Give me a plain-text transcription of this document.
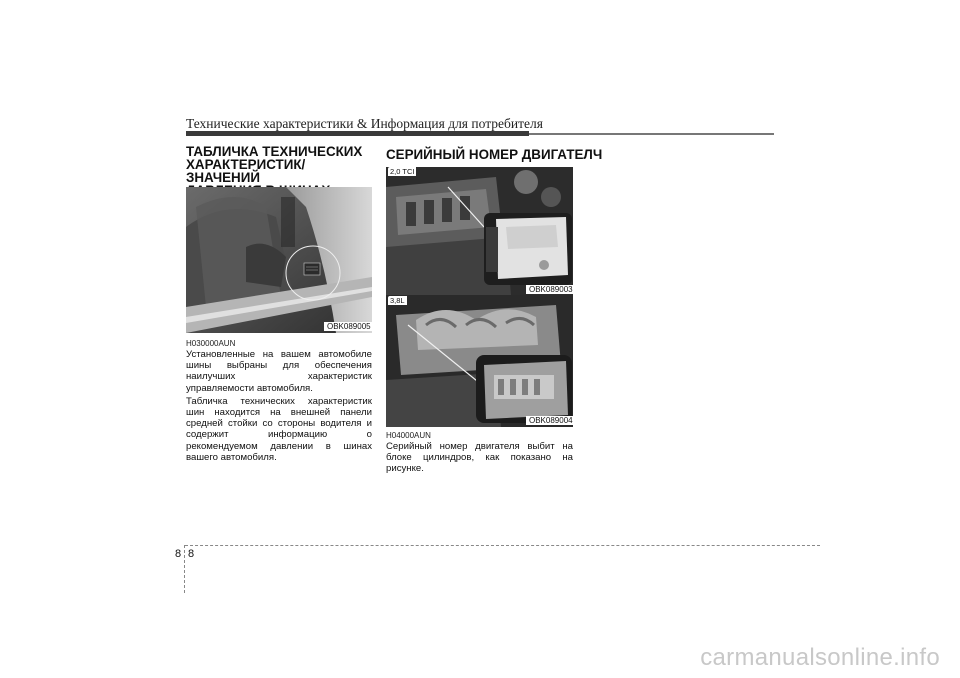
Технические характеристики & Информация для потребителя
ТАБЛИЧКА ТЕХНИЧЕСКИХ
ХАРАКТЕРИСТИК/ЗНАЧЕНИЙ
OBK089005
H030000AUN

Установленные на вашем автомобиле шины выбраны для обеспечения наилучших характеристик управляемости автомобиля.

Табличка технических характеристик шин находится на внешней панели средней стойки со стороны водителя и содержит информацию о рекомендуемом давлении в шинах вашего автомобиля.

СЕРИЙНЫЙ НОМЕР ДВИГАТЕЛЧ
2,0 TCI
OBK089003
3,8L
OBK089004
H04000AUN

Серийный номер двигателя выбит на блоке цилиндров, как показано на рисунке.

8 8
carmanualsonline.info
